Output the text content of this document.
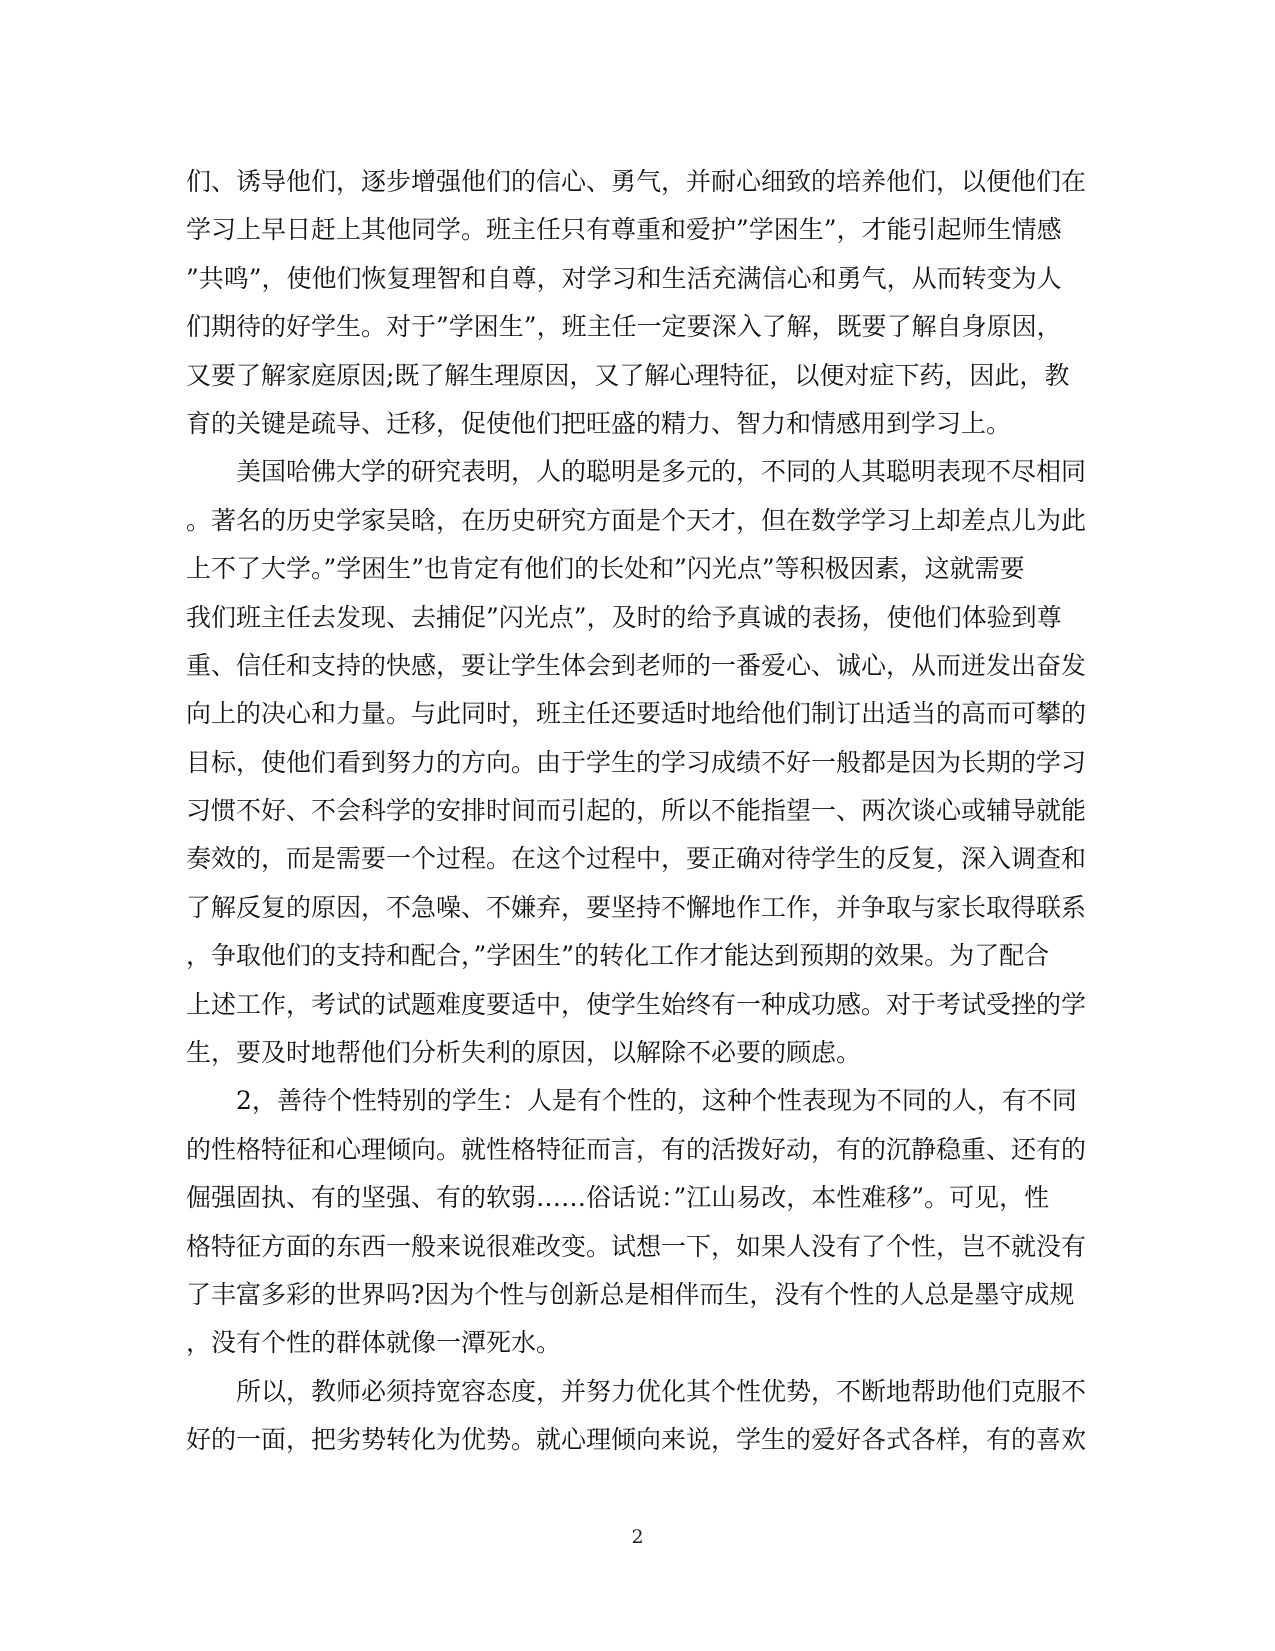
们、诱导他们，逐步增强他们的信心、勇气，并耐心细致的培养他们，以便他们在
学习上早日赶上其他同学。班主任只有尊重和爱护”学困生”，才能引起师生情感
”共鸣”，使他们恢复理智和自尊，对学习和生活充满信心和勇气，从而转变为人
们期待的好学生。对于”学困生”，班主任一定要深入了解，既要了解自身原因，
又要了解家庭原因;既了解生理原因，又了解心理特征，以便对症下药，因此，教
育的关键是疏导、迁移，促使他们把旺盛的精力、智力和情感用到学习上。
　　美国哈佛大学的研究表明，人的聪明是多元的，不同的人其聪明表现不尽相同
。著名的历史学家吴晗，在历史研究方面是个天才，但在数学学习上却差点儿为此
上不了大学。”学困生”也肯定有他们的长处和”闪光点”等积极因素，这就需要
我们班主任去发现、去捕促”闪光点”，及时的给予真诚的表扬，使他们体验到尊
重、信任和支持的快感，要让学生体会到老师的一番爱心、诚心，从而迸发出奋发
向上的决心和力量。与此同时，班主任还要适时地给他们制订出适当的高而可攀的
目标，使他们看到努力的方向。由于学生的学习成绩不好一般都是因为长期的学习
习惯不好、不会科学的安排时间而引起的，所以不能指望一、两次谈心或辅导就能
奏效的，而是需要一个过程。在这个过程中，要正确对待学生的反复，深入调查和
了解反复的原因，不急噪、不嫌弃，要坚持不懈地作工作，并争取与家长取得联系
，争取他们的支持和配合，”学困生”的转化工作才能达到预期的效果。为了配合
上述工作，考试的试题难度要适中，使学生始终有一种成功感。对于考试受挫的学
生，要及时地帮他们分析失利的原因，以解除不必要的顾虑。
　　2，善待个性特别的学生：人是有个性的，这种个性表现为不同的人，有不同
的性格特征和心理倾向。就性格特征而言，有的活拨好动，有的沉静稳重、还有的
倔强固执、有的坚强、有的软弱……俗话说：”江山易改，本性难移”。可见，性
格特征方面的东西一般来说很难改变。试想一下，如果人没有了个性，岂不就没有
了丰富多彩的世界吗?因为个性与创新总是相伴而生，没有个性的人总是墨守成规
，没有个性的群体就像一潭死水。
　　所以，教师必须持宽容态度，并努力优化其个性优势，不断地帮助他们克服不
好的一面，把劣势转化为优势。就心理倾向来说，学生的爱好各式各样，有的喜欢
2
